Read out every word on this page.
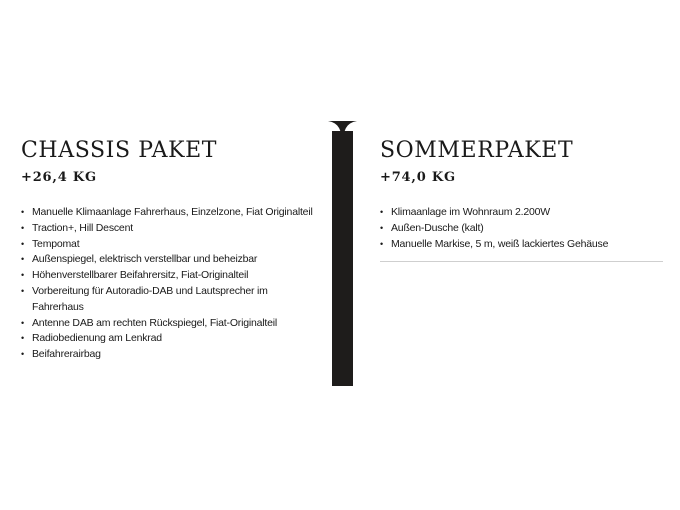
CHASSIS PAKET
+26,4 KG
• Manuelle Klimaanlage Fahrerhaus, Einzelzone, Fiat Originalteil
• Traction+, Hill Descent
• Tempomat
• Außenspiegel, elektrisch verstellbar und beheizbar
• Höhenverstellbarer Beifahrersitz, Fiat-Originalteil
• Vorbereitung für Autoradio-DAB und Lautsprecher im Fahrerhaus
• Antenne DAB am rechten Rückspiegel, Fiat-Originalteil
• Radiobedienung am Lenkrad
• Beifahrerairbag
SOMMERPAKET
+74,0 KG
• Klimaanlage im Wohnraum 2.200W
• Außen-Dusche (kalt)
• Manuelle Markise, 5 m, weiß lackiertes Gehäuse
